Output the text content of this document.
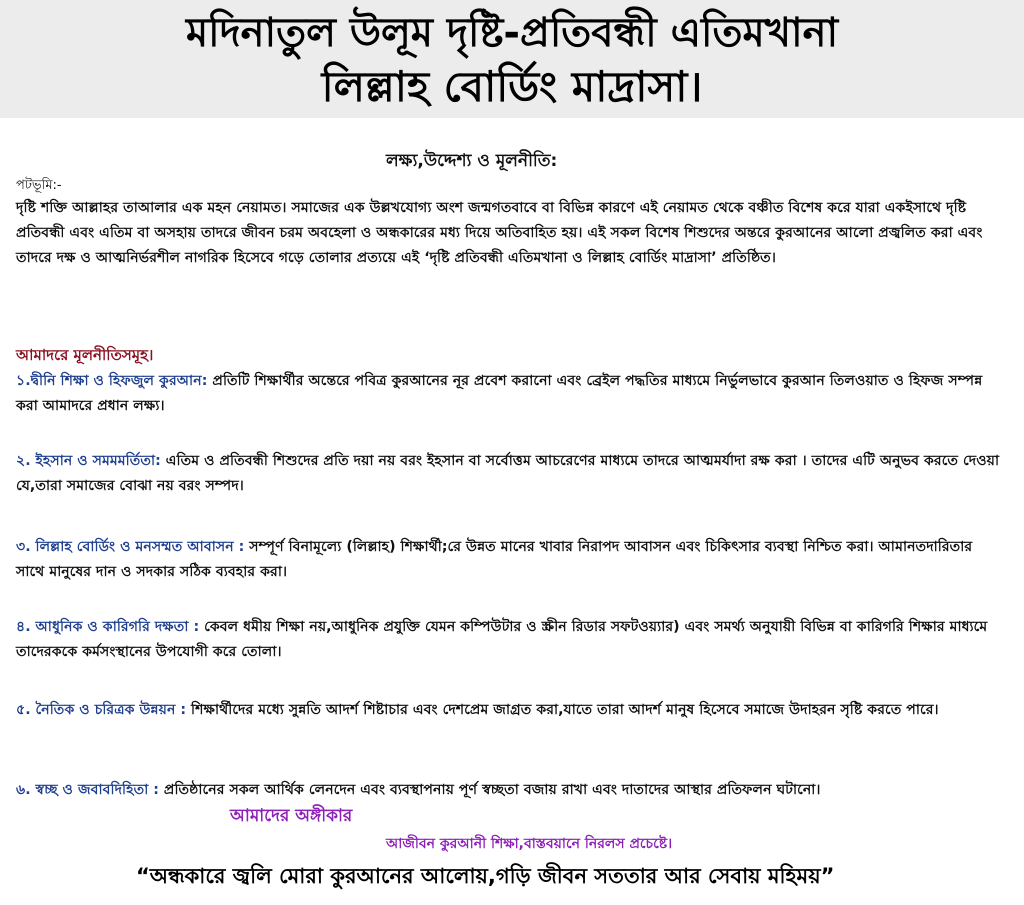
মদিনাতুল উলূম দৃষ্টি-প্রতিবন্ধী এতিমখানা
লিল্লাহ বোর্ডিং মাদ্রাসা।
লক্ষ্য,উদ্দেশ্য ও মূলনীতি:
পটভূমি:-

দৃষ্টি শক্তি আল্লাহর তাআলার এক মহন নেয়ামত। সমাজের এক উল্লখযোগ্য অংশ জন্মগতবাবে বা বিভিন্ন কারণে এই নেয়ামত থেকে বঞ্চীত বিশেষ করে যারা একইসাথে দৃষ্টি প্রতিবন্ধী এবং এতিম বা অসহায় তাদরে জীবন চরম অবহেলা ও অন্ধকারের মধ্য দিয়ে অতিবাহিত হয়। এই সকল বিশেষ শিশুদের অন্তরে কুরআনের আলো প্রজ্বলিত করা এবং তাদরে দক্ষ ও আত্মনির্ভরশীল নাগরিক হিসেবে গড়ে তোলার প্রত্যয়ে এই ‘দৃষ্টি প্রতিবন্ধী এতিমখানা ও লিল্লাহ বোর্ডিং মাদ্রাসা’ প্রতিষ্ঠিত।

আমাদরে মূলনীতিসমূহ।

১.দ্বীনি শিক্ষা ও হিফজুল কুরআন: প্রতিটি শিক্ষার্থীর অন্তেরে পবিত্র কুরআনের নূর প্রবেশ করানো এবং ব্রেইল পদ্ধতির মাধ্যমে নির্ভুলভাবে কুরআন তিলওয়াত ও হিফজ সম্পন্ন করা আমাদরে প্রধান লক্ষ্য।

২. ইহসান ও সমমমর্তিতা: এতিম ও প্রতিবন্ধী শিশুদের প্রতি দয়া নয় বরং ইহসান বা সর্বোত্তম আচরেণের মাধ্যমে তাদরে আত্মমর্যাদা রক্ষ করা । তাদের এটি অনুভব করতে দেওয়া যে,তারা সমাজের বোঝা নয় বরং সম্পদ।

৩. লিল্লাহ বোর্ডিং ও মনসম্মত আবাসন : সম্পূর্ণ বিনামূল্যে (লিল্লাহ) শিক্ষার্থী;রে উন্নত মানের খাবার নিরাপদ আবাসন এবং চিকিৎসার ব্যবস্থা নিশ্চিত করা। আমানতদারিতার সাথে মানুষের দান ও সদকার সঠিক ব্যবহার করা।

৪. আধুনিক ও কারিগরি দক্ষতা : কেবল ধমীয় শিক্ষা নয়,আধুনিক প্রযুক্তি যেমন কম্পিউটার ও স্ক্রীন রিডার সফটওয়্যার) এবং সমর্থ্য অনুযায়ী বিভিন্ন বা কারিগরি শিক্ষার মাধ্যমে তাদেরককে কর্মসংস্থানের উপযোগী করে তোলা।

৫. নৈতিক ও চরিত্রক উন্নয়ন : শিক্ষার্থীদের মধ্যে সুন্নতি আদর্শ শিষ্টাচার এবং দেশপ্রেম জাগ্রত করা,যাতে তারা আদর্শ মানুষ হিসেবে সমাজে উদাহরন সৃষ্টি করতে পারে।

৬. স্বচ্ছ ও জবাবদিহিতা : প্রতিষ্ঠানের সকল আর্থিক লেনদেন এবং ব্যবস্থাপনায় পূর্ণ স্বচ্ছতা বজায় রাখা এবং দাতাদের আস্থার প্রতিফলন ঘটানো।

আমাদের অঙ্গীকার
আজীবন কুরআনী শিক্ষা,বাস্তবয়ানে নিরলস প্রচেষ্টে।
“অন্ধকারে জ্বলি মোরা কুরআনের আলোয়,গড়ি জীবন সততার আর সেবায় মহিময়”
